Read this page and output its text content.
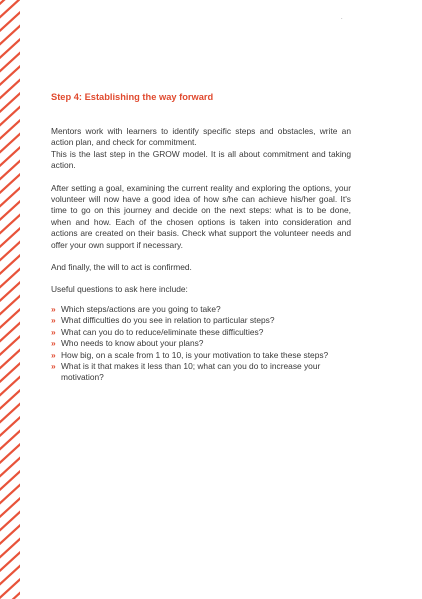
·
Step 4: Establishing the way forward

Mentors work with learners to identify specific steps and obstacles, write an action plan, and check for commitment.

This is the last step in the GROW model. It is all about commitment and taking action.

After setting a goal, examining the current reality and exploring the options, your volunteer will now have a good idea of how s/he can achieve his/her goal. It's time to go on this journey and decide on the next steps: what is to be done, when and how. Each of the chosen options is taken into consideration and actions are created on their basis. Check what support the volunteer needs and offer your own support if necessary.

And finally, the will to act is confirmed.

Useful questions to ask here include:

» Which steps/actions are you going to take?
» What difficulties do you see in relation to particular steps?
» What can you do to reduce/eliminate these difficulties?
» Who needs to know about your plans?
» How big, on a scale from 1 to 10, is your motivation to take these steps?
» What is it that makes it less than 10; what can you do to increase your motivation?
